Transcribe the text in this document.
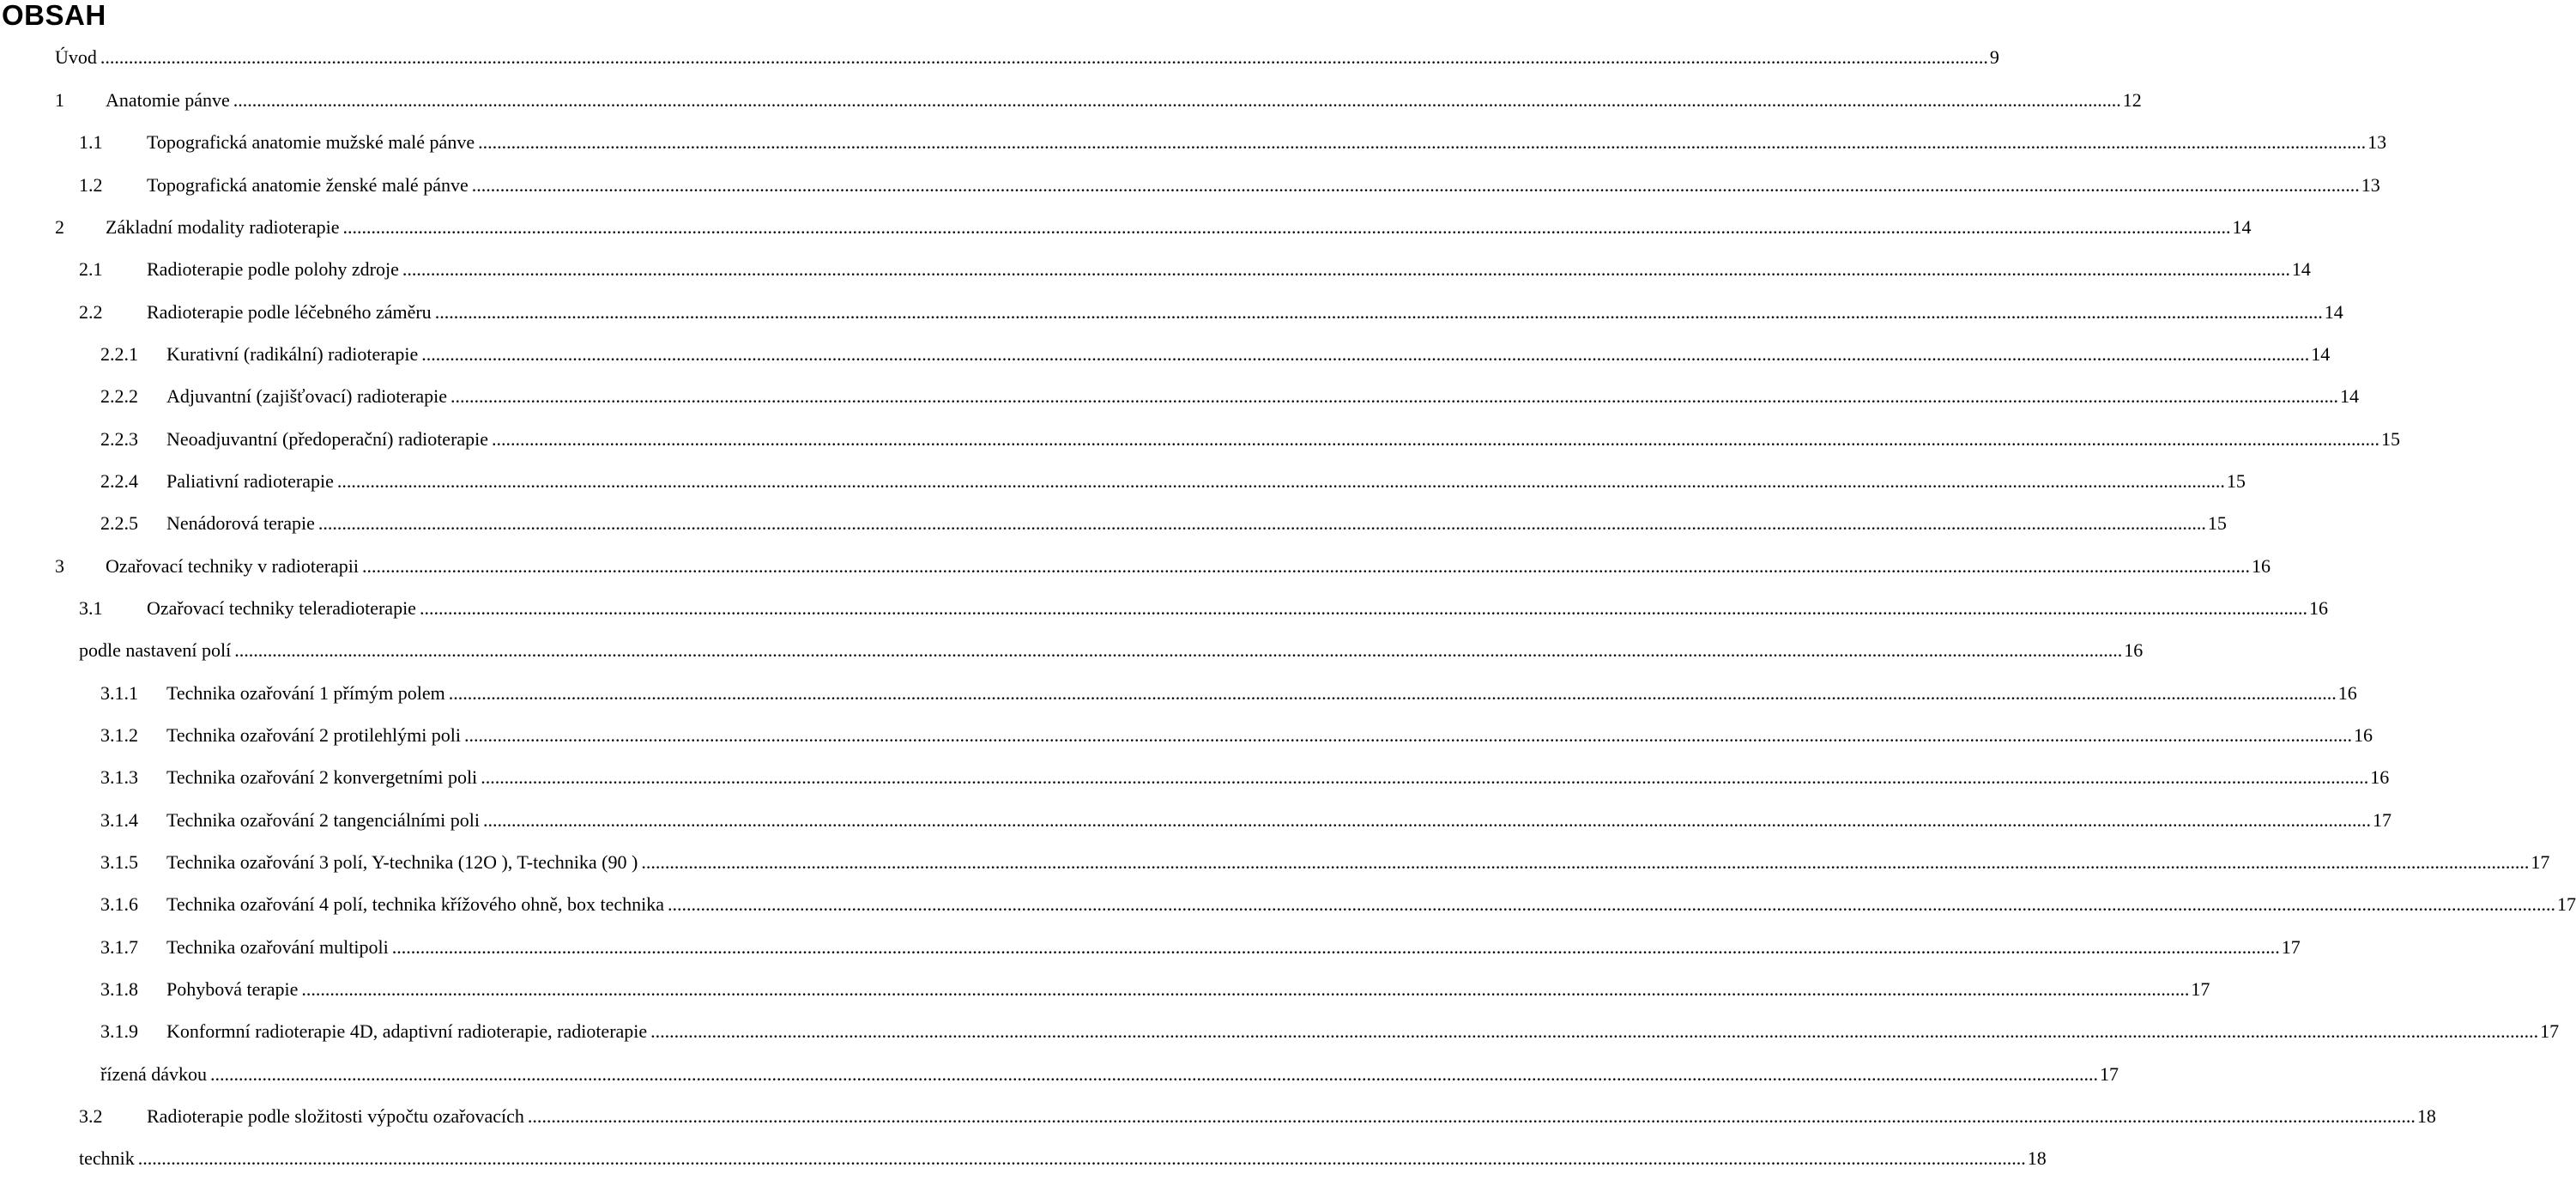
OBSAH
Úvod ................................................................................................................................................................................................................................................................................................................................................................................................................ 9
1 Anatomie pánve ................................................................................................................................................................................................................................................................................................................................................................................................................ 12
1.1 Topografická anatomie mužské malé pánve ................................................................................................................................................................................................................................................................................................................................................................................................................ 13
1.2 Topografická anatomie ženské malé pánve ................................................................................................................................................................................................................................................................................................................................................................................................................ 13
2 Základní modality radioterapie ................................................................................................................................................................................................................................................................................................................................................................................................................ 14
2.1 Radioterapie podle polohy zdroje ................................................................................................................................................................................................................................................................................................................................................................................................................ 14
2.2 Radioterapie podle léčebného záměru ................................................................................................................................................................................................................................................................................................................................................................................................................ 14
2.2.1 Kurativní (radikální) radioterapie ................................................................................................................................................................................................................................................................................................................................................................................................................ 14
2.2.2 Adjuvantní (zajišťovací) radioterapie ................................................................................................................................................................................................................................................................................................................................................................................................................ 14
2.2.3 Neoadjuvantní (předoperační) radioterapie ................................................................................................................................................................................................................................................................................................................................................................................................................ 15
2.2.4 Paliativní radioterapie ................................................................................................................................................................................................................................................................................................................................................................................................................ 15
2.2.5 Nenádorová terapie ................................................................................................................................................................................................................................................................................................................................................................................................................ 15
3 Ozařovací techniky v radioterapii ................................................................................................................................................................................................................................................................................................................................................................................................................ 16
3.1 Ozařovací techniky teleradioterapie ................................................................................................................................................................................................................................................................................................................................................................................................................ 16
podle nastavení polí ................................................................................................................................................................................................................................................................................................................................................................................................................ 16
3.1.1 Technika ozařování 1 přímým polem ................................................................................................................................................................................................................................................................................................................................................................................................................ 16
3.1.2 Technika ozařování 2 protilehlými poli ................................................................................................................................................................................................................................................................................................................................................................................................................ 16
3.1.3 Technika ozařování 2 konvergetními poli ................................................................................................................................................................................................................................................................................................................................................................................................................ 16
3.1.4 Technika ozařování 2 tangenciálními poli ................................................................................................................................................................................................................................................................................................................................................................................................................ 17
3.1.5 Technika ozařování 3 polí, Y-technika (12O ), T-technika (90 ) ................................................................................................................................................................................................................................................................................................................................................................................................................ 17
3.1.6 Technika ozařování 4 polí, technika křížového ohně, box technika ................................................................................................................................................................................................................................................................................................................................................................................................................ 17
3.1.7 Technika ozařování multipoli ................................................................................................................................................................................................................................................................................................................................................................................................................ 17
3.1.8 Pohybová terapie ................................................................................................................................................................................................................................................................................................................................................................................................................ 17
3.1.9 Konformní radioterapie 4D, adaptivní radioterapie, radioterapie ................................................................................................................................................................................................................................................................................................................................................................................................................ 17
řízená dávkou ................................................................................................................................................................................................................................................................................................................................................................................................................ 17
3.2 Radioterapie podle složitosti výpočtu ozařovacích ................................................................................................................................................................................................................................................................................................................................................................................................................ 18
technik ................................................................................................................................................................................................................................................................................................................................................................................................................ 18
